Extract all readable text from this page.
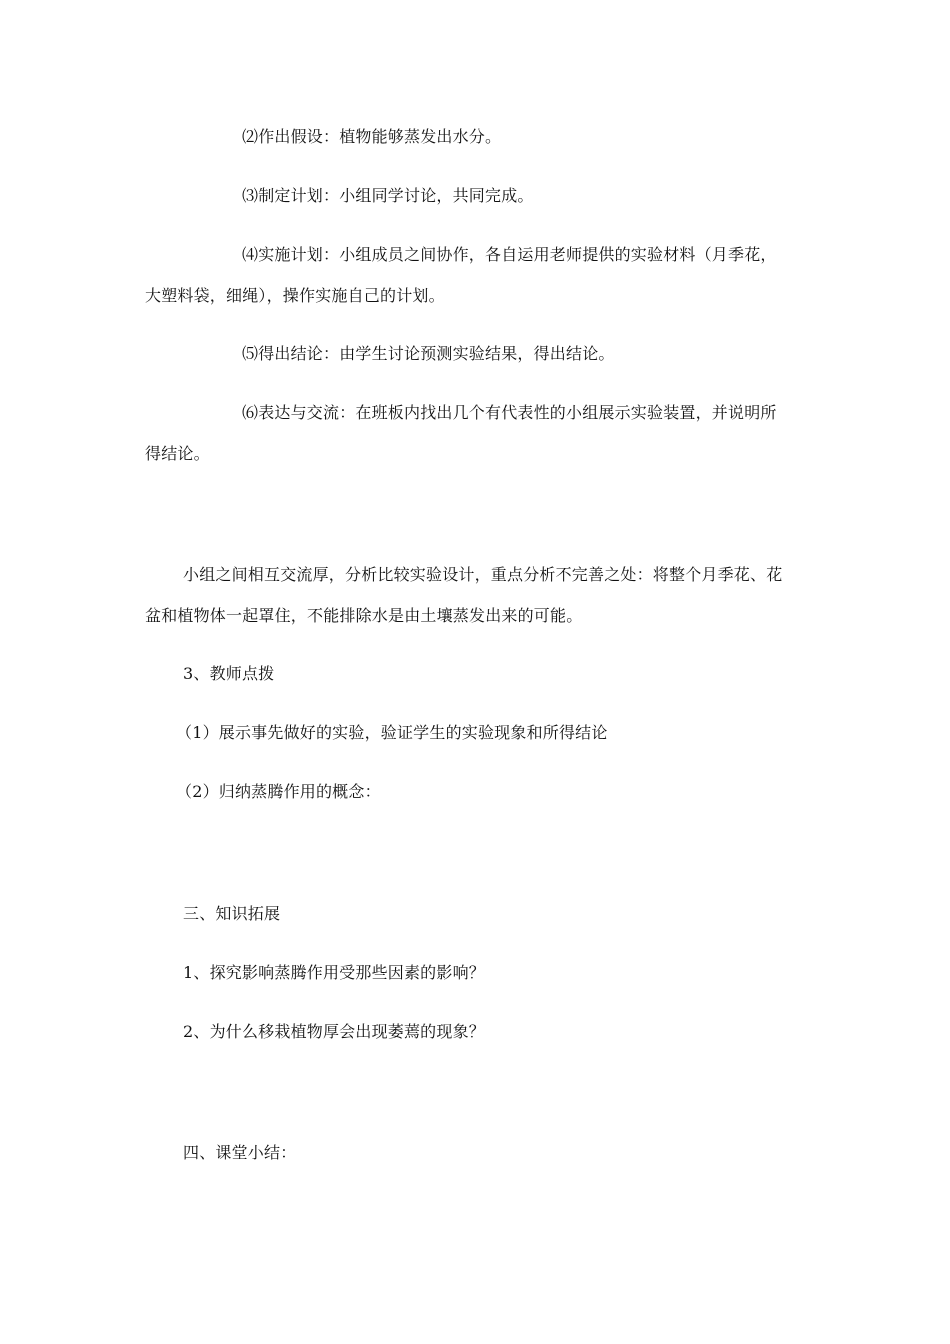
⑵作出假设：植物能够蒸发出水分。
⑶制定计划：小组同学讨论，共同完成。
⑷实施计划：小组成员之间协作，各自运用老师提供的实验材料（月季花，
大塑料袋，细绳），操作实施自己的计划。
⑸得出结论：由学生讨论预测实验结果，得出结论。
⑹表达与交流：在班板内找出几个有代表性的小组展示实验装置，并说明所
得结论。
小组之间相互交流厚，分析比较实验设计，重点分析不完善之处：将整个月季花、花
盆和植物体一起罩住，不能排除水是由土壤蒸发出来的可能。
3、教师点拨
（1）展示事先做好的实验，验证学生的实验现象和所得结论
（2）归纳蒸腾作用的概念：
三、知识拓展
1、探究影响蒸腾作用受那些因素的影响？
2、为什么移栽植物厚会出现萎蔫的现象？
四、课堂小结：
